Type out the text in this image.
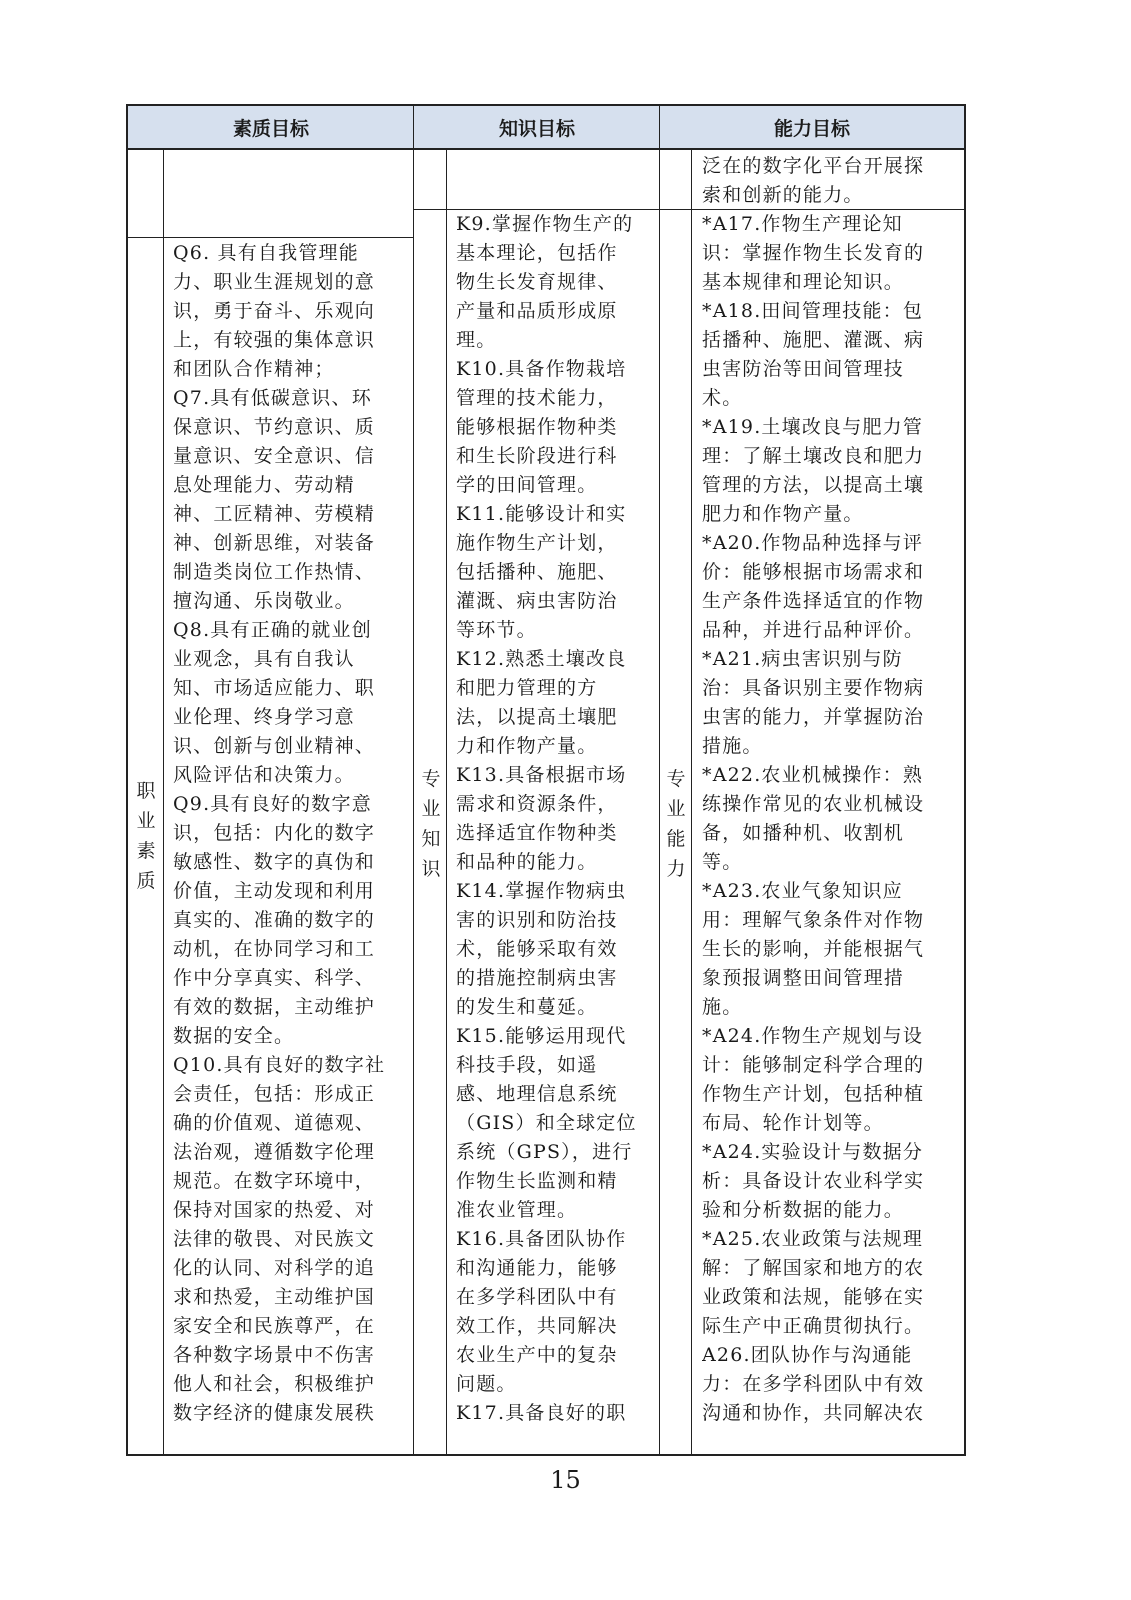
素质目标	知识目标	能力目标
泛在的数字化平台开展探
索和创新的能力。
职 业 素 质
专 业 知 识
专 业 能 力
Q6. 具有自我管理能
力、职业生涯规划的意
识，勇于奋斗、乐观向
上，有较强的集体意识
和团队合作精神；
Q7.具有低碳意识、环
保意识、节约意识、质
量意识、安全意识、信
息处理能力、劳动精
神、工匠精神、劳模精
神、创新思维，对装备
制造类岗位工作热情、
擅沟通、乐岗敬业。
Q8.具有正确的就业创
业观念，具有自我认
知、市场适应能力、职
业伦理、终身学习意
识、创新与创业精神、
风险评估和决策力。
Q9.具有良好的数字意
识，包括：内化的数字
敏感性、数字的真伪和
价值，主动发现和利用
真实的、准确的数字的
动机，在协同学习和工
作中分享真实、科学、
有效的数据，主动维护
数据的安全。
Q10.具有良好的数字社
会责任，包括：形成正
确的价值观、道德观、
法治观，遵循数字伦理
规范。在数字环境中，
保持对国家的热爱、对
法律的敬畏、对民族文
化的认同、对科学的追
求和热爱，主动维护国
家安全和民族尊严，在
各种数字场景中不伤害
他人和社会，积极维护
数字经济的健康发展秩
K9.掌握作物生产的
基本理论，包括作
物生长发育规律、
产量和品质形成原
理。
K10.具备作物栽培
管理的技术能力，
能够根据作物种类
和生长阶段进行科
学的田间管理。
K11.能够设计和实
施作物生产计划，
包括播种、施肥、
灌溉、病虫害防治
等环节。
K12.熟悉土壤改良
和肥力管理的方
法，以提高土壤肥
力和作物产量。
K13.具备根据市场
需求和资源条件，
选择适宜作物种类
和品种的能力。
K14.掌握作物病虫
害的识别和防治技
术，能够采取有效
的措施控制病虫害
的发生和蔓延。
K15.能够运用现代
科技手段，如遥
感、地理信息系统
（GIS）和全球定位
系统（GPS），进行
作物生长监测和精
准农业管理。
K16.具备团队协作
和沟通能力，能够
在多学科团队中有
效工作，共同解决
农业生产中的复杂
问题。
K17.具备良好的职
*A17.作物生产理论知
识：掌握作物生长发育的
基本规律和理论知识。
*A18.田间管理技能：包
括播种、施肥、灌溉、病
虫害防治等田间管理技
术。
*A19.土壤改良与肥力管
理：了解土壤改良和肥力
管理的方法，以提高土壤
肥力和作物产量。
*A20.作物品种选择与评
价：能够根据市场需求和
生产条件选择适宜的作物
品种，并进行品种评价。
*A21.病虫害识别与防
治：具备识别主要作物病
虫害的能力，并掌握防治
措施。
*A22.农业机械操作：熟
练操作常见的农业机械设
备，如播种机、收割机
等。
*A23.农业气象知识应
用：理解气象条件对作物
生长的影响，并能根据气
象预报调整田间管理措
施。
*A24.作物生产规划与设
计：能够制定科学合理的
作物生产计划，包括种植
布局、轮作计划等。
*A24.实验设计与数据分
析：具备设计农业科学实
验和分析数据的能力。
*A25.农业政策与法规理
解：了解国家和地方的农
业政策和法规，能够在实
际生产中正确贯彻执行。
A26.团队协作与沟通能
力：在多学科团队中有效
沟通和协作，共同解决农
15
